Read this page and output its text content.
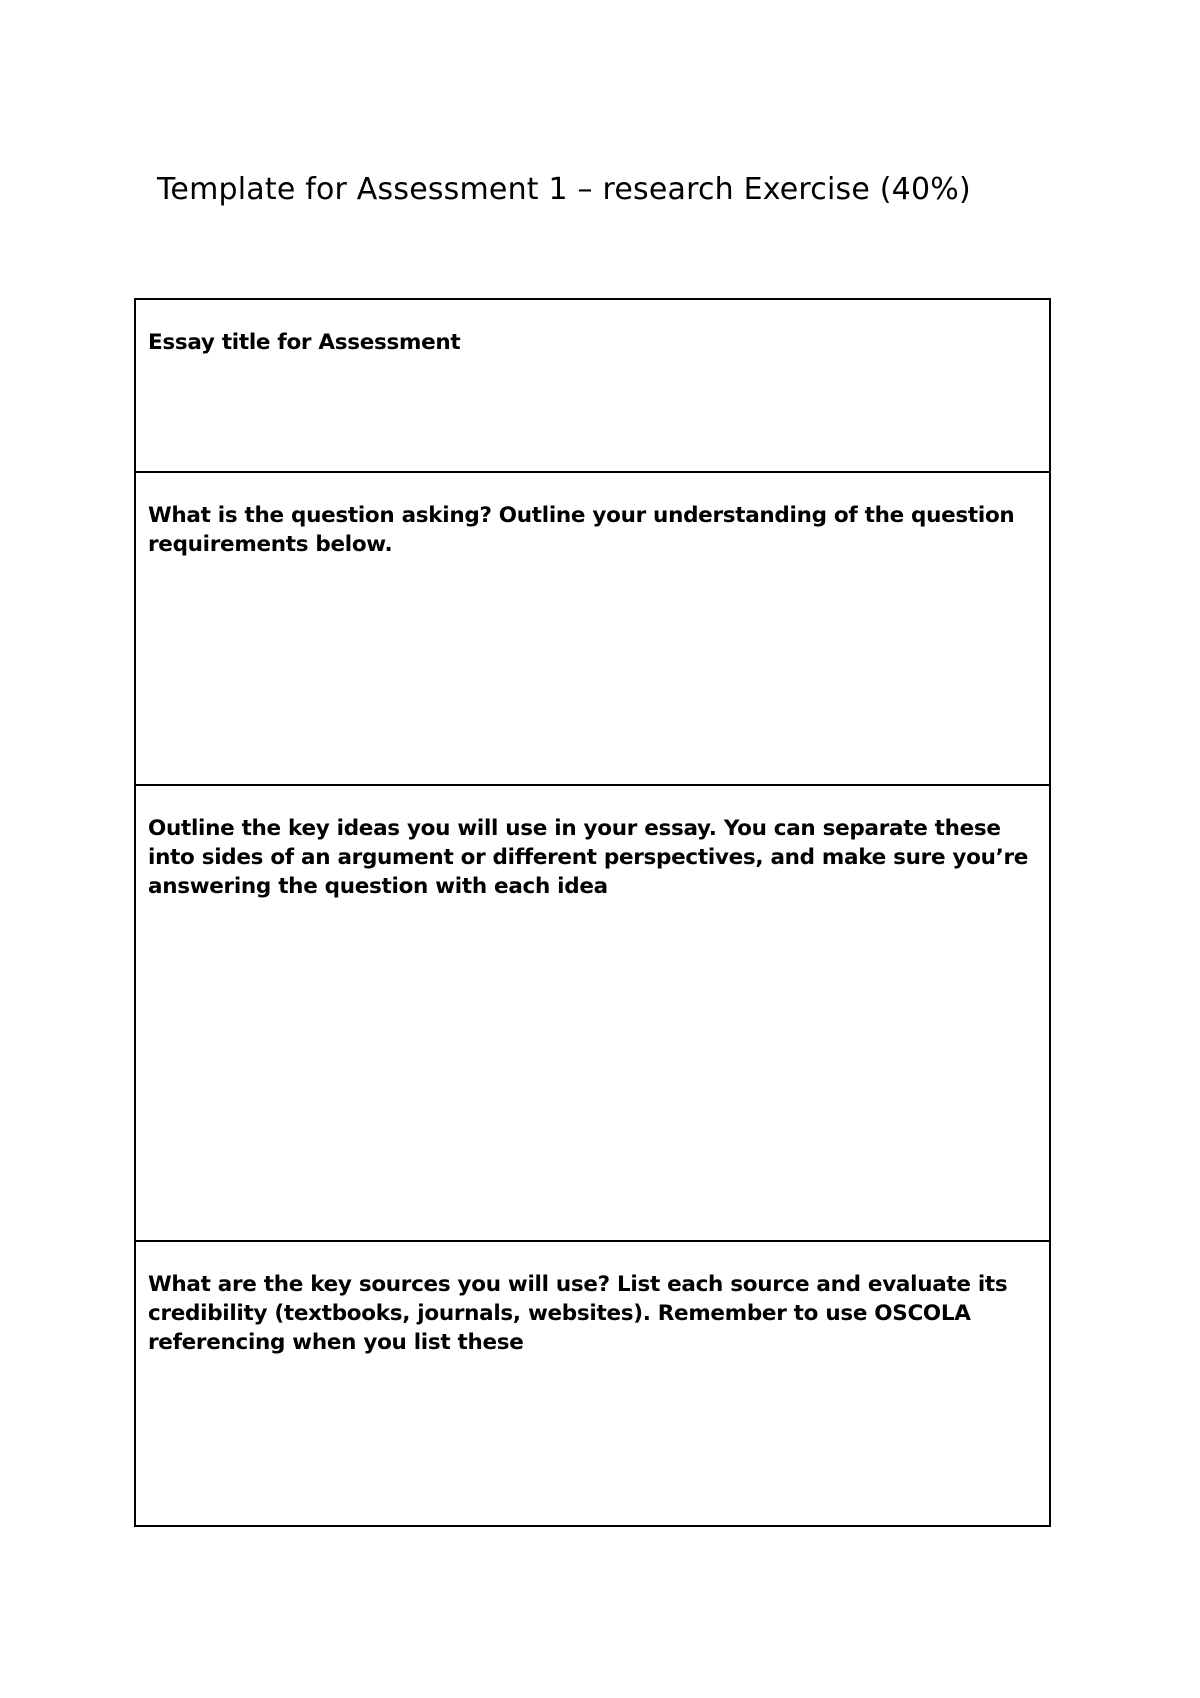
Template for Assessment 1 – research Exercise (40%)
Essay title for Assessment

What is the question asking? Outline your understanding of the question requirements below.

Outline the key ideas you will use in your essay. You can separate these into sides of an argument or different perspectives, and make sure you’re answering the question with each idea

What are the key sources you will use? List each source and evaluate its credibility (textbooks, journals, websites). Remember to use OSCOLA referencing when you list these
